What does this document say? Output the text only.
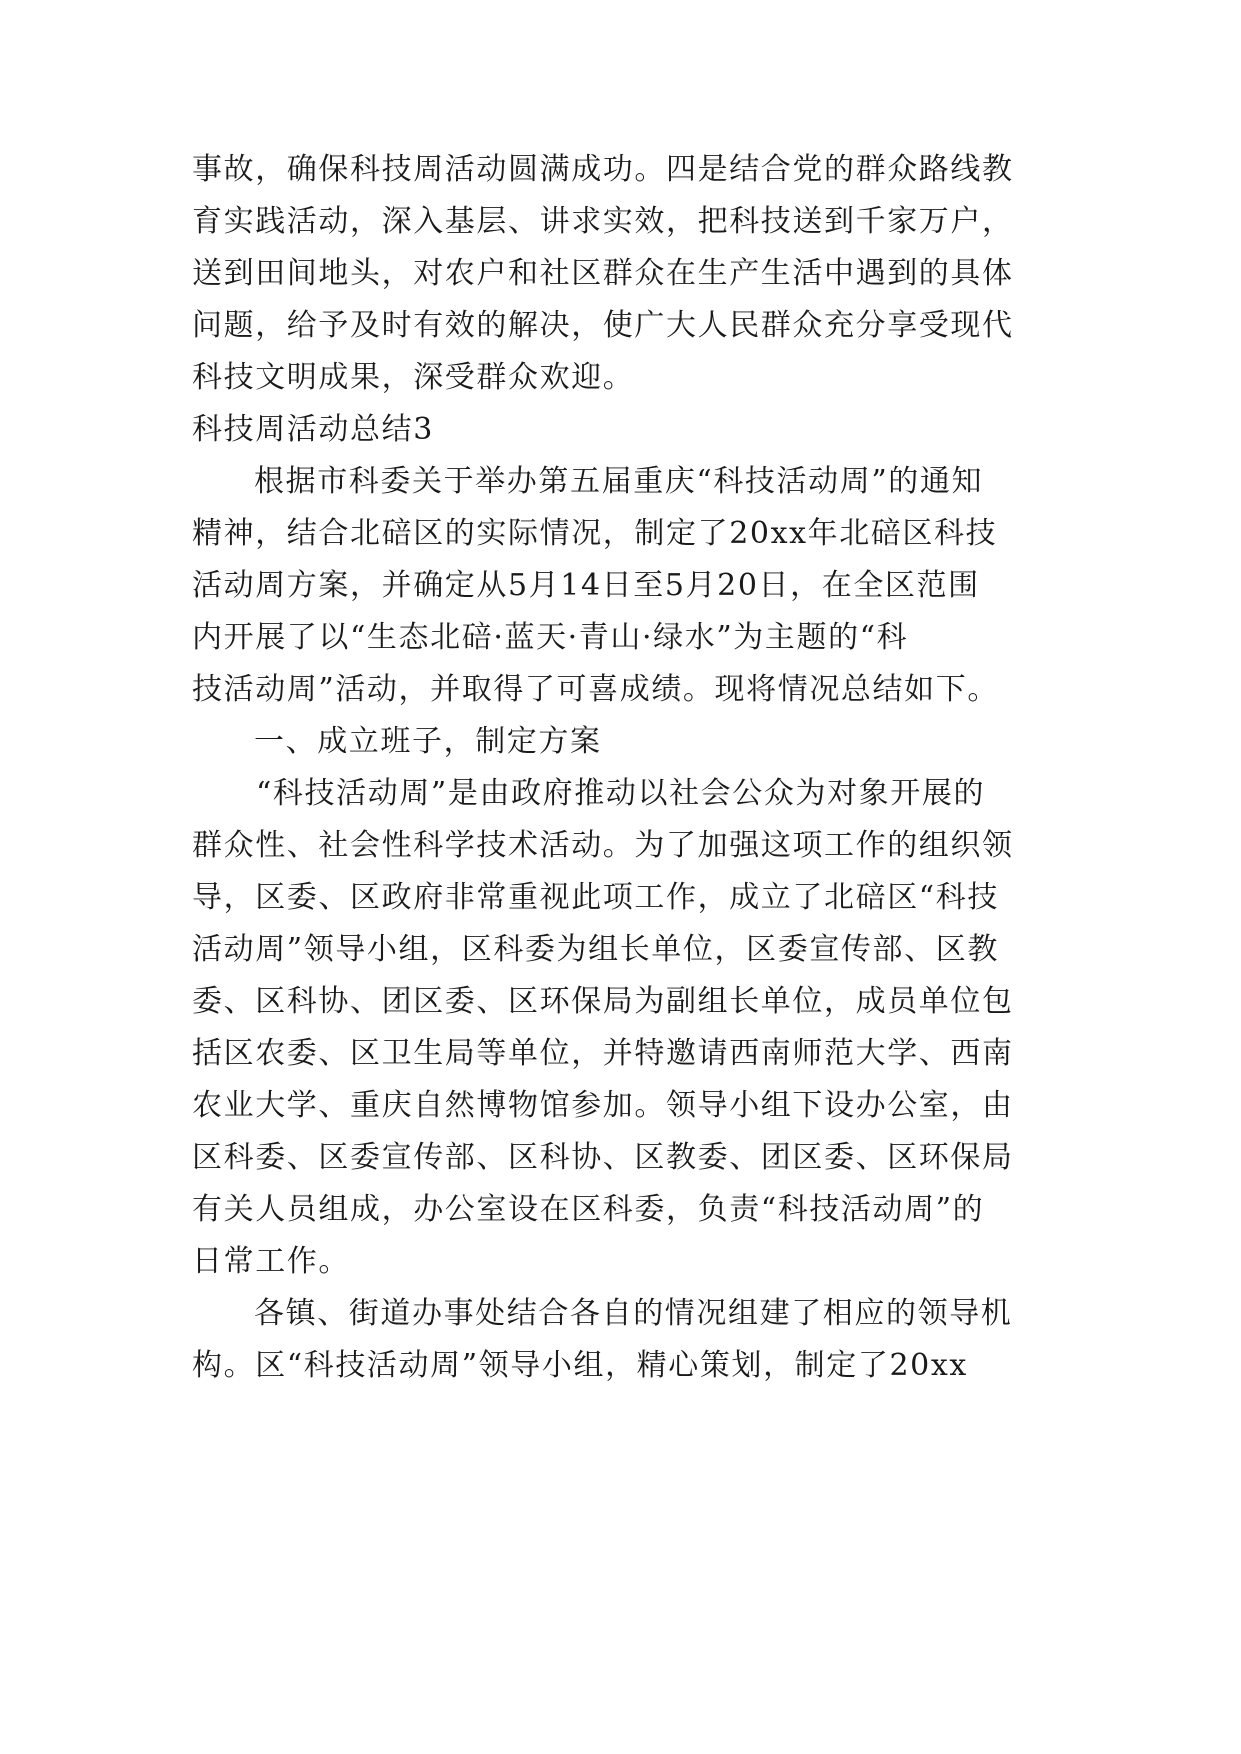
事故，确保科技周活动圆满成功。四是结合党的群众路线教
育实践活动，深入基层、讲求实效，把科技送到千家万户，
送到田间地头，对农户和社区群众在生产生活中遇到的具体
问题，给予及时有效的解决，使广大人民群众充分享受现代
科技文明成果，深受群众欢迎。
科技周活动总结3
根据市科委关于举办第五届重庆“科技活动周”的通知
精神，结合北碚区的实际情况，制定了20xx年北碚区科技
活动周方案，并确定从5月14日至5月20日，在全区范围
内开展了以“生态北碚·蓝天·青山·绿水”为主题的“科
技活动周”活动，并取得了可喜成绩。现将情况总结如下。
一、成立班子，制定方案
“科技活动周”是由政府推动以社会公众为对象开展的
群众性、社会性科学技术活动。为了加强这项工作的组织领
导，区委、区政府非常重视此项工作，成立了北碚区“科技
活动周”领导小组，区科委为组长单位，区委宣传部、区教
委、区科协、团区委、区环保局为副组长单位，成员单位包
括区农委、区卫生局等单位，并特邀请西南师范大学、西南
农业大学、重庆自然博物馆参加。领导小组下设办公室，由
区科委、区委宣传部、区科协、区教委、团区委、区环保局
有关人员组成，办公室设在区科委，负责“科技活动周”的
日常工作。
各镇、街道办事处结合各自的情况组建了相应的领导机
构。区“科技活动周”领导小组，精心策划，制定了20xx
